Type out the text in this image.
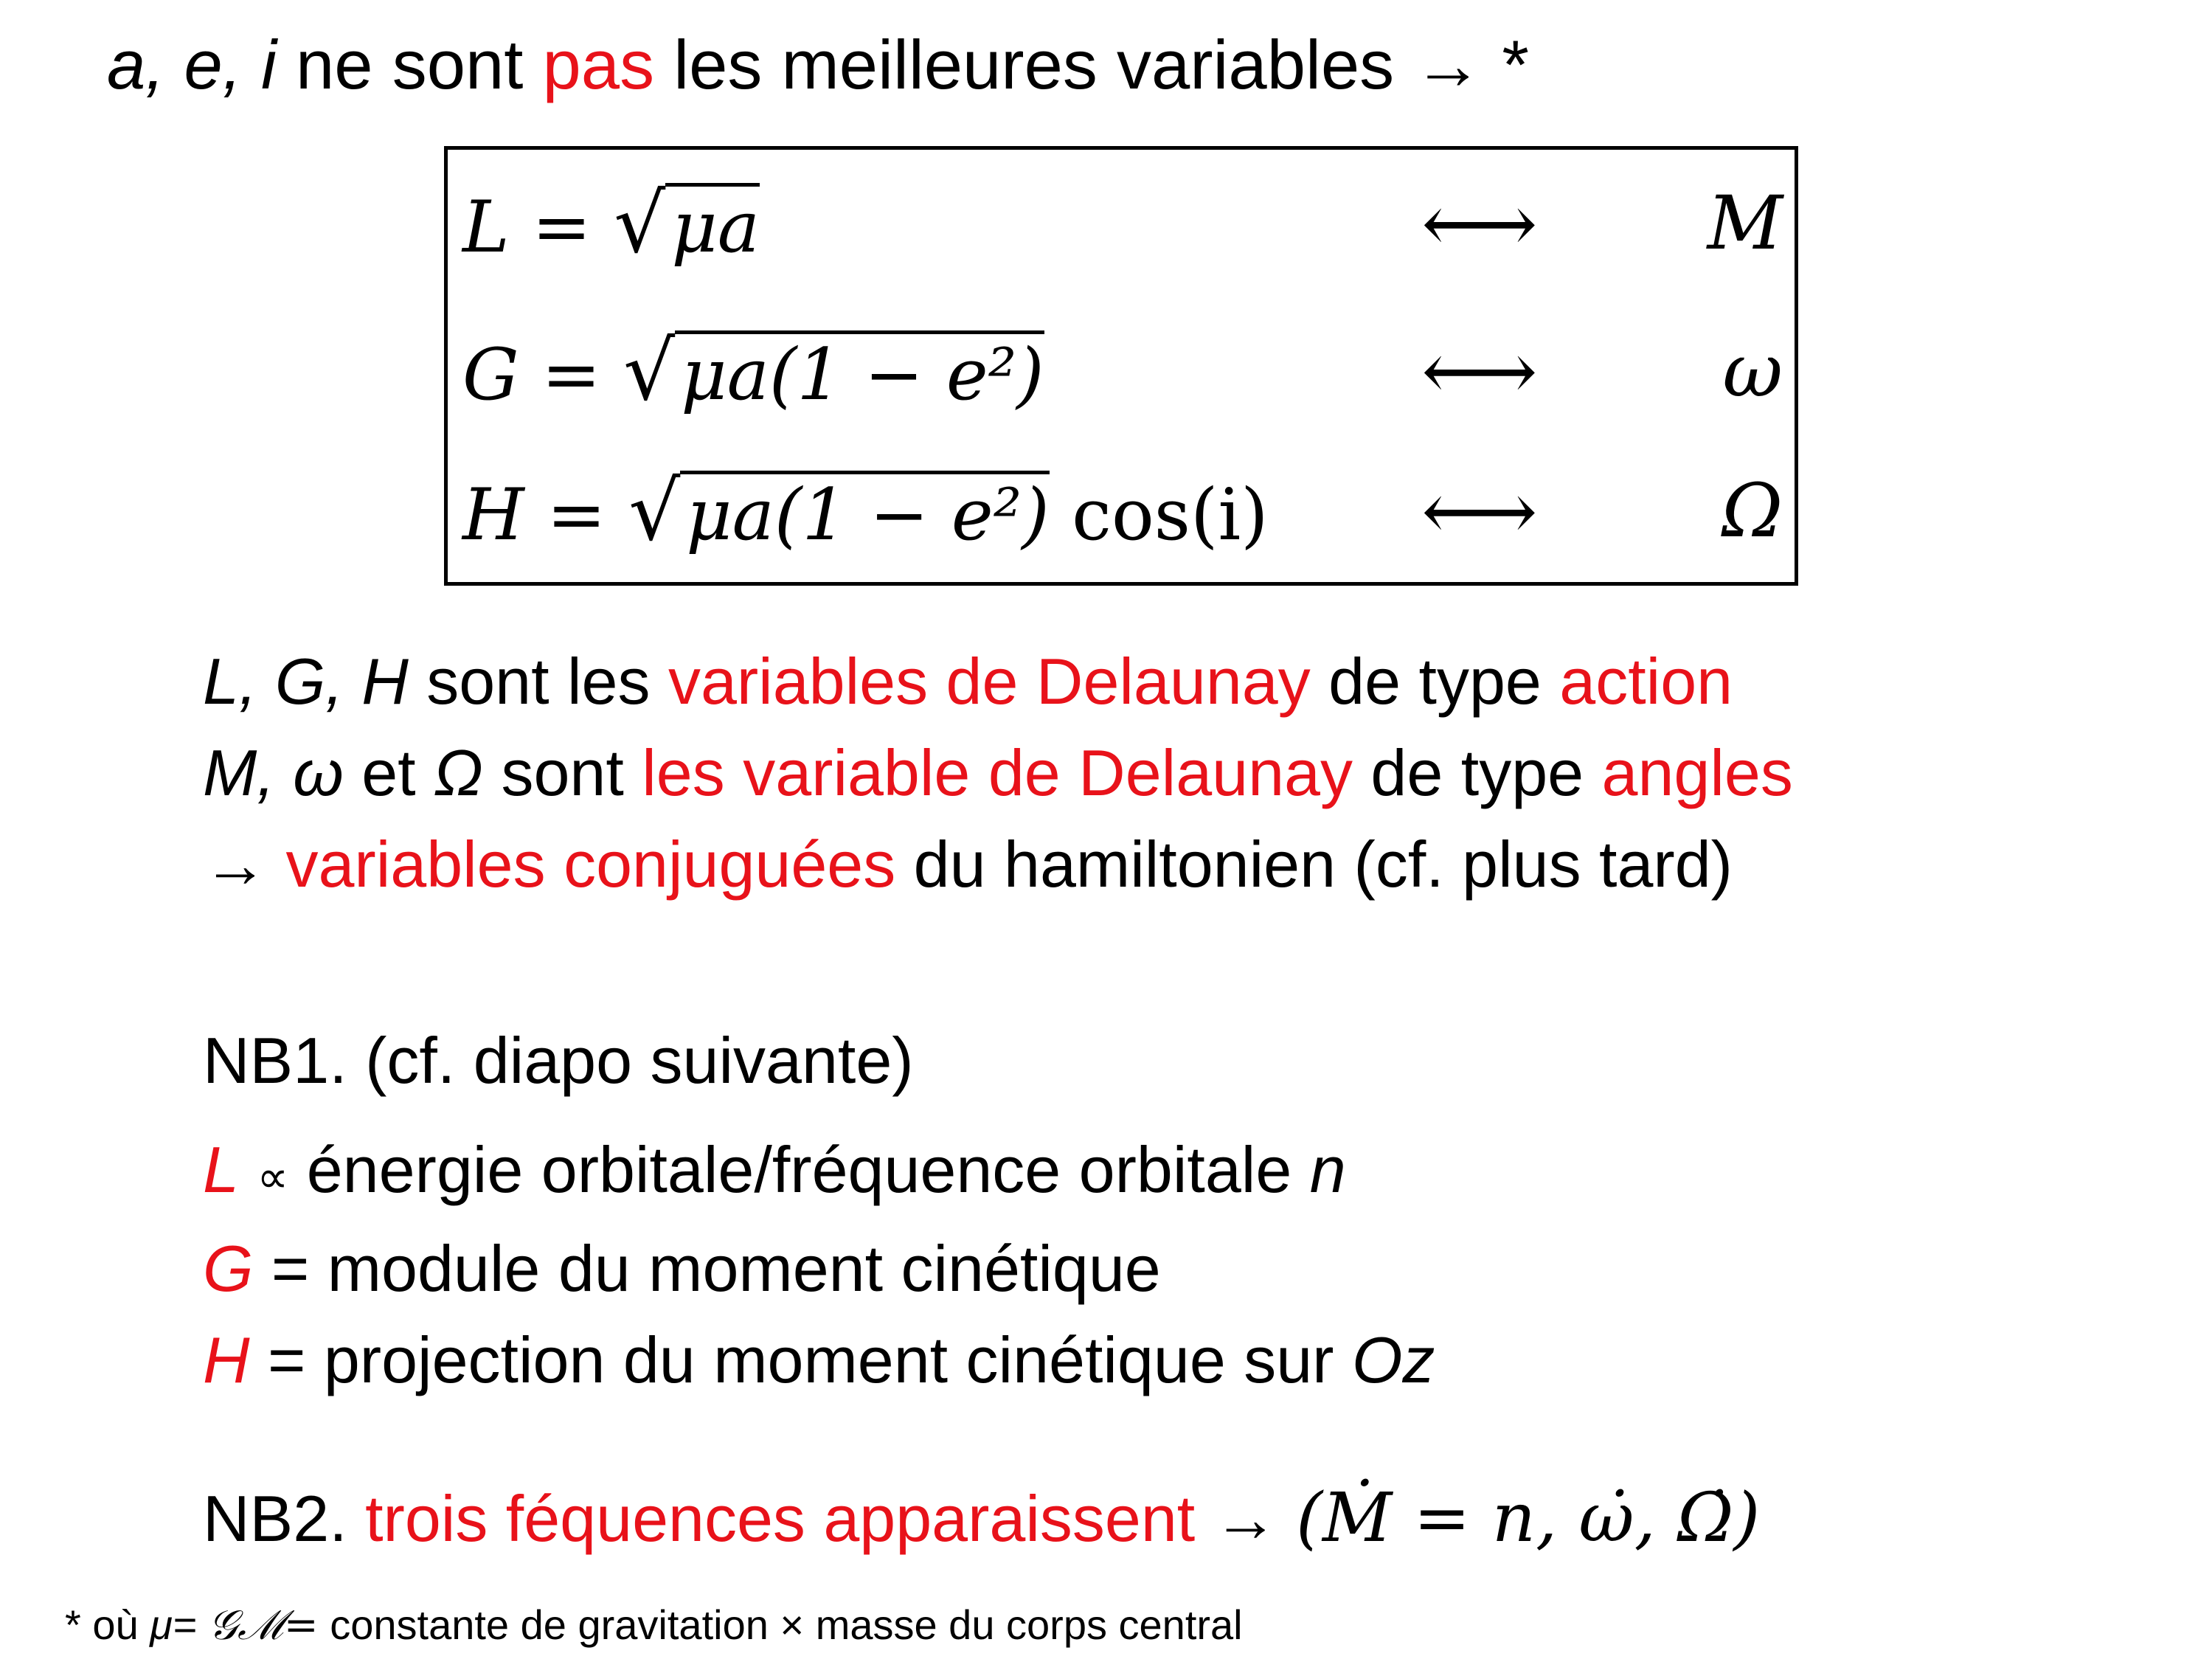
a, e, i ne sont pas les meilleures variables → *
L = √μa	⟷ M
G = √μa(1 − e²)	⟷	ω
H = √μa(1 − e²) cos(i) ⟷ Ω
L, G, H sont les variables de Delaunay de type action
M, ω et Ω sont les variable de Delaunay de type angles
→ variables conjuguées du hamiltonien (cf. plus tard)
NB1. (cf. diapo suivante)
L ∝ énergie orbitale/fréquence orbitale n
G = module du moment cinétique
H = projection du moment cinétique sur Oz
NB2. trois féquences apparaissent → (Ṁ = n, ω̇, Ω̇)
* où μ= 𝒢ℳ= constante de gravitation × masse du corps central
